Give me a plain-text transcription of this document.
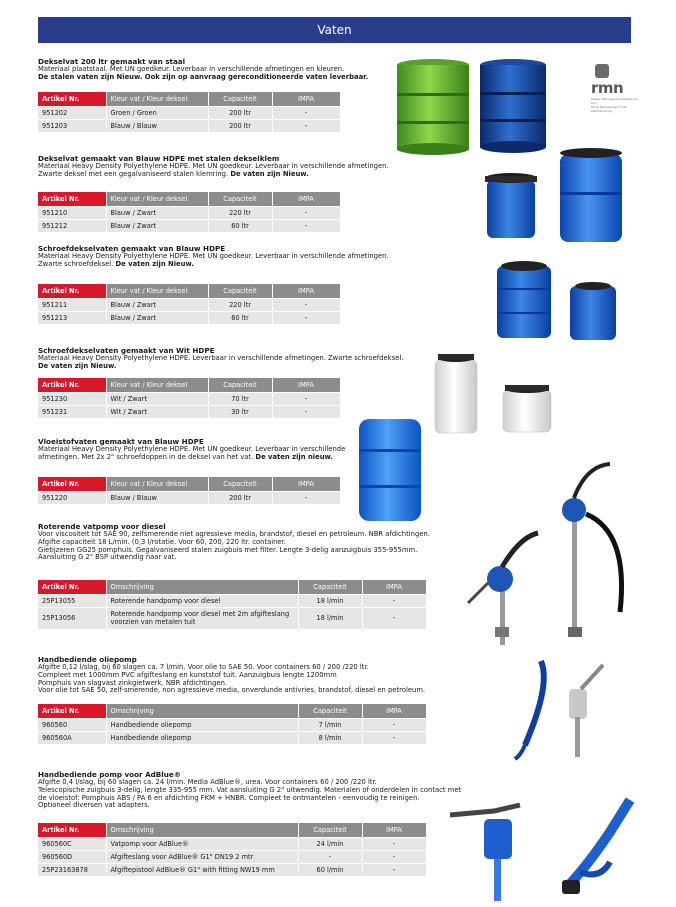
Vaten
rmn
Repair Management Nederland B.V.
Brine Management Unit Pellentenburg
Dekselvat 200 ltr gemaakt van staal
Materiaal plaatstaal. Met UN goedkeur. Leverbaar in verschillende afmetingen en kleuren.
De stalen vaten zijn Nieuw. Ook zijn op aanvraag gereconditioneerde vaten leverbaar.
Artikel Nr.	Kleur vat / Kleur deksel	Capaciteit	IMPA
951202	Groen / Groen	200 ltr	-
951203	Blauw / Blauw	200 ltr	-
Dekselvat gemaakt van Blauw HDPE met stalen dekselklem
Materiaal Heavy Density Polyethylene HDPE. Met UN goedkeur. Leverbaar in verschillende afmetingen.
Zwarte deksel met een gegalvaniseerd stalen klemring. De vaten zijn Nieuw.
Artikel Nr.	Kleur vat / Kleur deksel	Capaciteit	IMPA
951210	Blauw / Zwart	220 ltr	-
951212	Blauw / Zwart	60 ltr	-
Schroefdekselvaten gemaakt van Blauw HDPE
Materiaal Heavy Density Polyethylene HDPE. Met UN goedkeur. Leverbaar in verschillende afmetingen.
Zwarte schroefdeksel. De vaten zijn Nieuw.
Artikel Nr.	Kleur vat / Kleur deksel	Capaciteit	IMPA
951211	Blauw / Zwart	220 ltr	-
951213	Blauw / Zwart	60 ltr	-
Schroefdekselvaten gemaakt van Wit HDPE
Materiaal Heavy Density Polyethylene HDPE. Leverbaar in verschillende afmetingen. Zwarte schroefdeksel.
De vaten zijn Nieuw.
Artikel Nr.	Kleur vat / Kleur deksel	Capaciteit	IMPA
951230	Wit / Zwart	70 ltr	-
951231	Wit / Zwart	30 ltr	-
Vloeistofvaten gemaakt van Blauw HDPE
Materiaal Heavy Density Polyethylene HDPE. Met UN goedkeur. Leverbaar in verschillende
afmetingen. Met 2x 2" schroefdoppen in de deksel van het vat. De vaten zijn nieuw.
Artikel Nr.	Kleur vat / Kleur deksel	Capaciteit	IMPA
951220	Blauw / Blauw	200 ltr	-
Roterende vatpomp voor diesel
Voor viscositeit tot SAE 90, zelfsmerende niet agressieve media, brandstof, diesel en petroleum. NBR afdichtingen.
Afgifte capaciteit 18 L/min. (0,3 l/rotatie. Voor 60, 200, 220 ltr. container.
Gietijzeren GG25 pomphuis. Gegalvaniseerd stalen zuigbuis met filter. Lengte 3-delig aanzuigbuis 355-955mm.
Aansluiting G 2" BSP uitwendig naar vat.
Artikel Nr.	Omschrijving	Capaciteit	IMPA
25P13055	Roterende handpomp voor diesel	18 l/min	-
25P13056	Roterende handpomp voor diesel met 2m afgifteslang voorzien van metalen tuit	18 l/min	-
Handbediende oliepomp
Afgifte 0,12 l/slag, bij 60 slagen ca. 7 l/min. Voor olie to SAE 50. Voor containers 60 / 200 /220 ltr.
Compleet met 1000mm PVC afgifteslang en kunststof tuit. Aanzuigbuis lengte 1200mm
Pomphuis van slagvast zinkgietwerk. NBR afdichtingen.
Voor olie tot SAE 50, zelf-smerende, non agressieve media, onverdunde antivries, brandstof, diesel en petroleum.
Artikel Nr.	Omschrijving	Capaciteit	IMPA
960560	Handbediende oliepomp	7 l/min	-
960560A	Handbediende oliepomp	8 l/min	-
Handbediende pomp voor AdBlue®
Afgifte 0,4 l/slag, bij 60 slagen ca. 24 l/min. Media AdBlue®, urea. Voor containers 60 / 200 /220 ltr.
Telescopische zuigbuis 3-delig, lengte 335-955 mm. Vat aansluiting G 2" uitwendig. Materialen of onderdelen in contact met
de vloeistof: Pomphuis ABS / PA 6 en afdichting FKM + HNBR. Compleet te ontmantelen - eenvoudig te reinigen.
Optioneel diversen vat adapters.
Artikel Nr.	Omschrijving	Capaciteit	IMPA
960560C	Vatpomp voor AdBlue®	24 l/min	-
960560D	Afgifteslang voor AdBlue® G1" DN19 2 mtr	-	-
25P23163878	Afgiftepistool AdBlue® G1" with fitting NW19 mm	60 l/min	-
